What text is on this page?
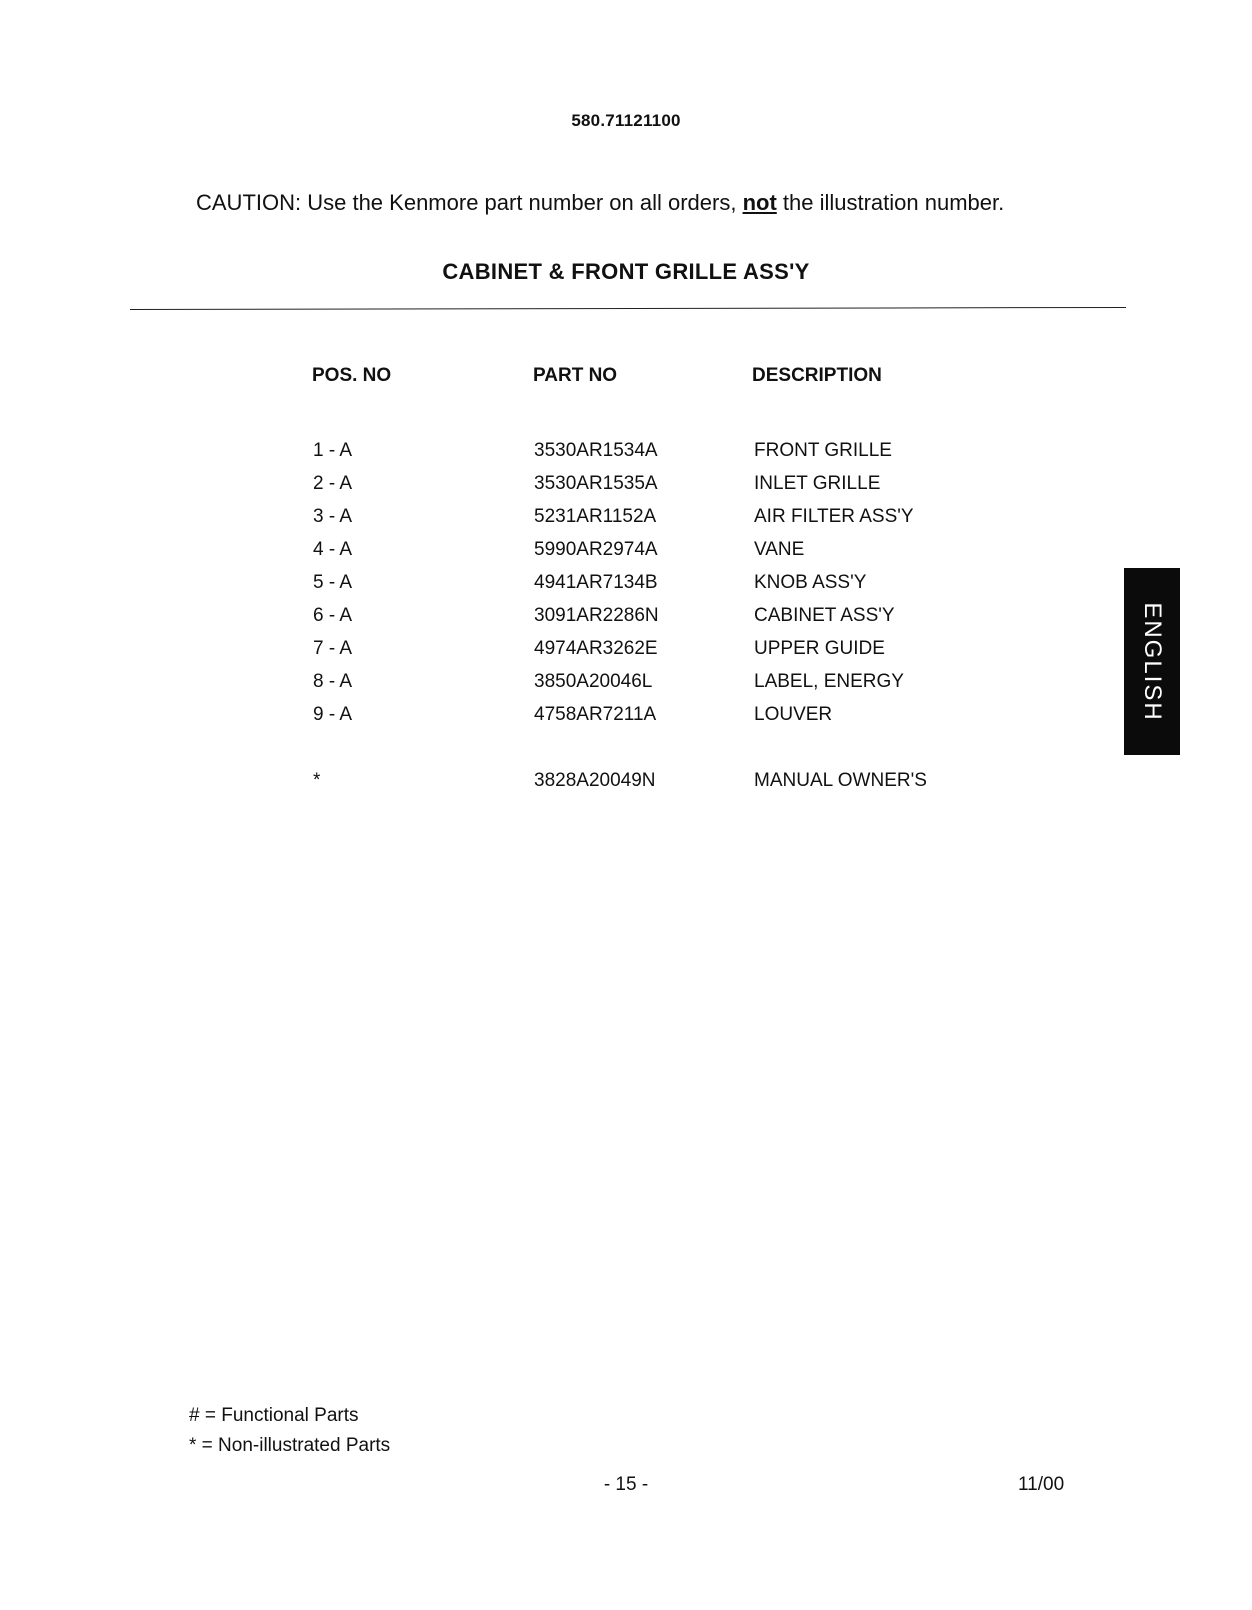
580.71121100
CAUTION: Use the Kenmore part number on all orders, not the illustration number.
CABINET & FRONT GRILLE ASS'Y
POS. NO	PART NO	DESCRIPTION
1 - A	3530AR1534A	FRONT GRILLE
2 - A	3530AR1535A	INLET GRILLE
3 - A	5231AR1152A	AIR FILTER ASS'Y
4 - A	5990AR2974A	VANE
5 - A	4941AR7134B	KNOB ASS'Y
6 - A	3091AR2286N	CABINET ASS'Y
7 - A	4974AR3262E	UPPER GUIDE
8 - A	3850A20046L	LABEL, ENERGY
9 - A	4758AR7211A	LOUVER
*	3828A20049N	MANUAL OWNER'S
ENGLISH
# = Functional Parts
* = Non-illustrated Parts
- 15 -	11/00
